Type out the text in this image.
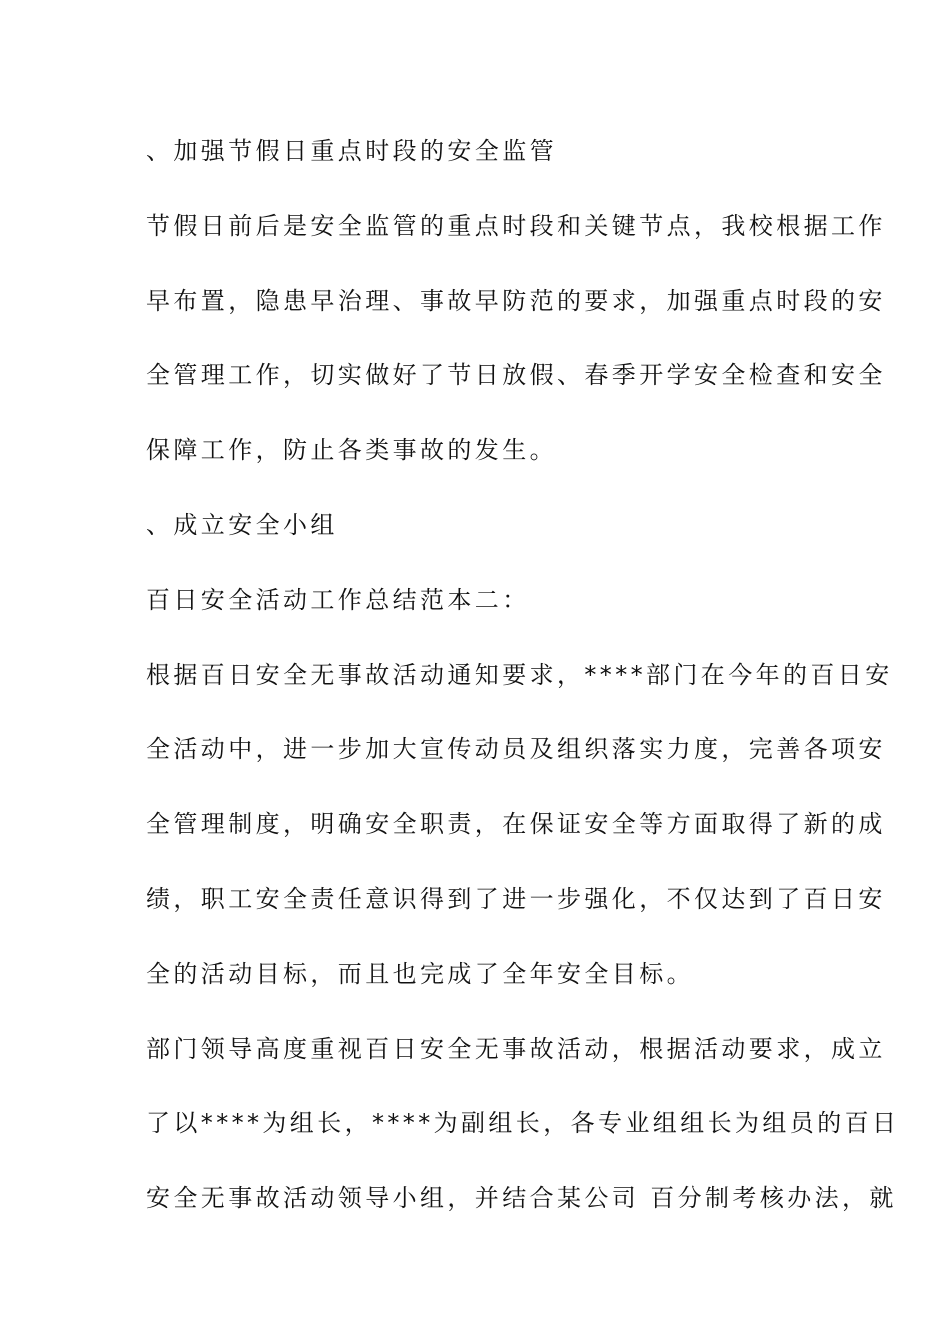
、加强节假日重点时段的安全监管
节假日前后是安全监管的重点时段和关键节点，我校根据工作
早布置，隐患早治理、事故早防范的要求，加强重点时段的安
全管理工作，切实做好了节日放假、春季开学安全检查和安全
保障工作，防止各类事故的发生。
、成立安全小组
百日安全活动工作总结范本二：
根据百日安全无事故活动通知要求，****部门在今年的百日安
全活动中，进一步加大宣传动员及组织落实力度，完善各项安
全管理制度，明确安全职责，在保证安全等方面取得了新的成
绩，职工安全责任意识得到了进一步强化，不仅达到了百日安
全的活动目标，而且也完成了全年安全目标。
部门领导高度重视百日安全无事故活动，根据活动要求，成立
了以****为组长，****为副组长，各专业组组长为组员的百日
安全无事故活动领导小组，并结合某公司 百分制考核办法，就
